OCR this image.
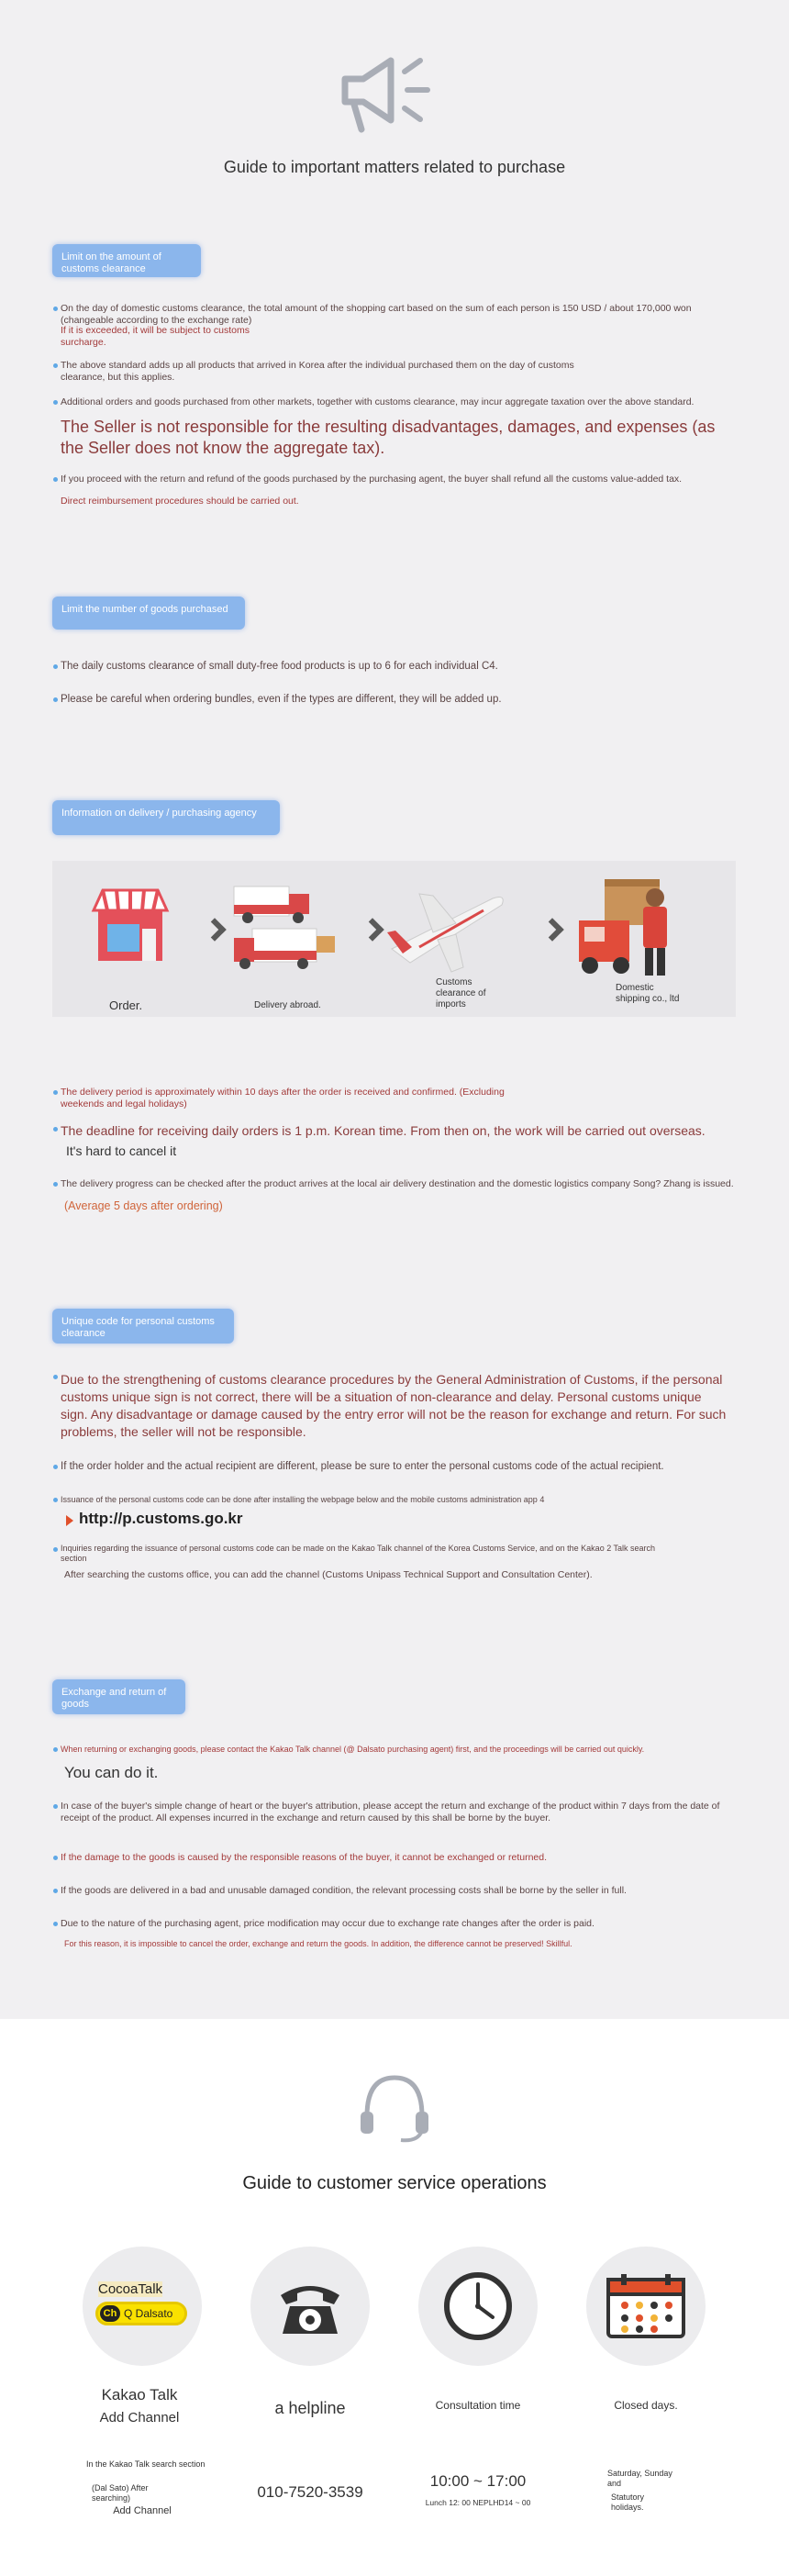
Guide to important matters related to purchase
Limit on the amount of customs clearance
On the day of domestic customs clearance, the total amount of the shopping cart based on the sum of each person is 150 USD / about 170,000 won (changeable according to the exchange rate)
If it is exceeded, it will be subject to customs surcharge.
The above standard adds up all products that arrived in Korea after the individual purchased them on the day of customs clearance, but this applies.
Additional orders and goods purchased from other markets, together with customs clearance, may incur aggregate taxation over the above standard.
The Seller is not responsible for the resulting disadvantages, damages, and expenses (as the Seller does not know the aggregate tax).
If you proceed with the return and refund of the goods purchased by the purchasing agent, the buyer shall refund all the customs value-added tax.
Direct reimbursement procedures should be carried out.
Limit the number of goods purchased
The daily customs clearance of small duty-free food products is up to 6 for each individual C4.
Please be careful when ordering bundles, even if the types are different, they will be added up.
Information on delivery / purchasing agency
Order.	Delivery abroad.
Customs clearance of imports
Domestic shipping co., ltd
The delivery period is approximately within 10 days after the order is received and confirmed. (Excluding weekends and legal holidays)
The deadline for receiving daily orders is 1 p.m. Korean time. From then on, the work will be carried out overseas.
It's hard to cancel it
The delivery progress can be checked after the product arrives at the local air delivery destination and the domestic logistics company Song? Zhang is issued.
(Average 5 days after ordering)
Unique code for personal customs clearance
Due to the strengthening of customs clearance procedures by the General Administration of Customs, if the personal customs unique sign is not correct, there will be a situation of non-clearance and delay. Personal customs unique sign. Any disadvantage or damage caused by the entry error will not be the reason for exchange and return. For such problems, the seller will not be responsible.
If the order holder and the actual recipient are different, please be sure to enter the personal customs code of the actual recipient.
Issuance of the personal customs code can be done after installing the webpage below and the mobile customs administration app 4
http://p.customs.go.kr
Inquiries regarding the issuance of personal customs code can be made on the Kakao Talk channel of the Korea Customs Service, and on the Kakao 2 Talk search section
After searching the customs office, you can add the channel (Customs Unipass Technical Support and Consultation Center).
Exchange and return of goods
When returning or exchanging goods, please contact the Kakao Talk channel (@ Dalsato purchasing agent) first, and the proceedings will be carried out quickly.
You can do it.
In case of the buyer's simple change of heart or the buyer's attribution, please accept the return and exchange of the product within 7 days from the date of receipt of the product. All expenses incurred in the exchange and return caused by this shall be borne by the buyer.
If the damage to the goods is caused by the responsible reasons of the buyer, it cannot be exchanged or returned.
If the goods are delivered in a bad and unusable damaged condition, the relevant processing costs shall be borne by the seller in full.
Due to the nature of the purchasing agent, price modification may occur due to exchange rate changes after the order is paid.
For this reason, it is impossible to cancel the order, exchange and return the goods. In addition, the difference cannot be preserved! Skillful.
Guide to customer service operations
CocoaTalk
Ch Q Dalsato
Kakao Talk
Add Channel
In the Kakao Talk search section
(Dal Sato) After searching)
Add Channel
a helpline
010-7520-3539
Consultation time
10:00 ~ 17:00
Lunch 12: 00 NEPLHD14 ~ 00
Closed days.
Saturday, Sunday and
Statutory holidays.
